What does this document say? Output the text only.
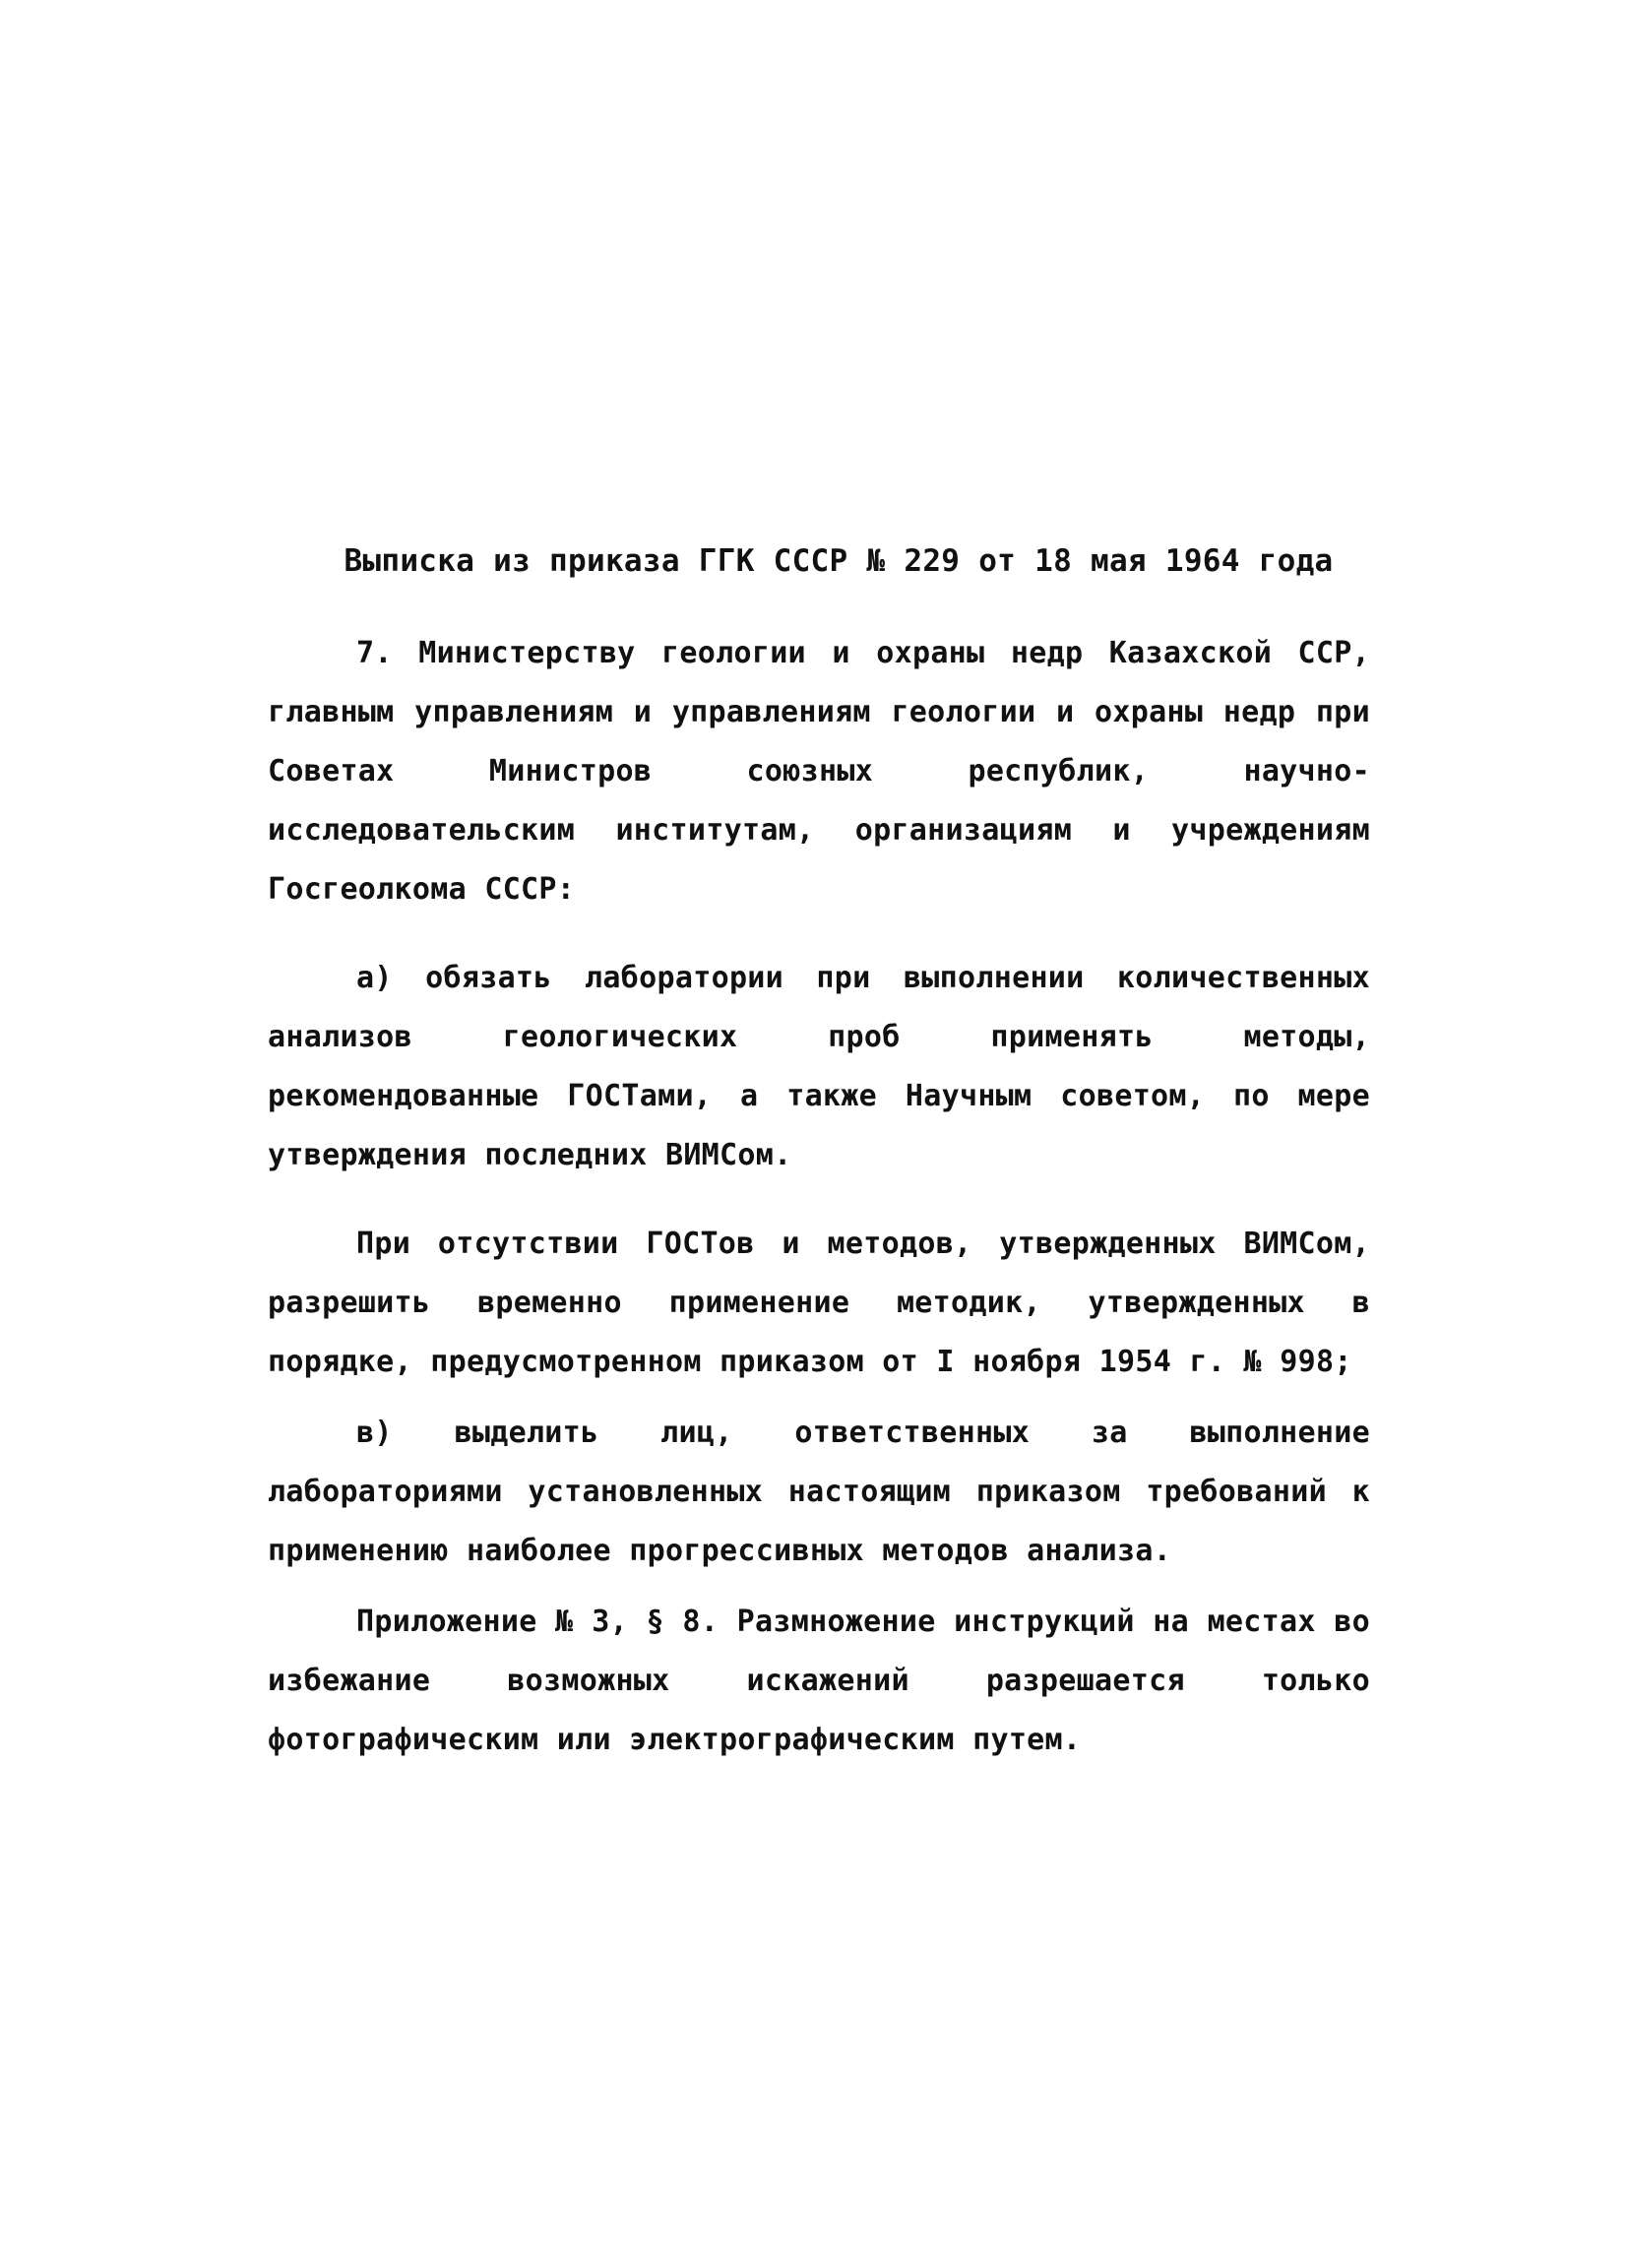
Выписка из приказа ГГК СССР № 229 от 18 мая 1964 года

7. Министерству геологии и охраны недр Казахской ССР, главным управлениям и управлениям геологии и охраны недр при Советах Министров союзных республик, научно-исследовательским институтам, организациям и учреждениям Госгеолкома СССР:

а) обязать лаборатории при выполнении количественных анализов геологических проб применять методы, рекомендованные ГОСТами, а также Научным советом, по мере утверждения последних ВИМСом.

При отсутствии ГОСТов и методов, утвержденных ВИМСом, разрешить временно применение методик, утвержденных в порядке, предусмотренном приказом от I ноября 1954 г. № 998;

в) выделить лиц, ответственных за выполнение лабораториями установленных настоящим приказом требований к применению наиболее прогрессивных методов анализа.

Приложение № 3, § 8. Размножение инструкций на местах во избежание возможных искажений разрешается только фотографическим или электрографическим путем.
